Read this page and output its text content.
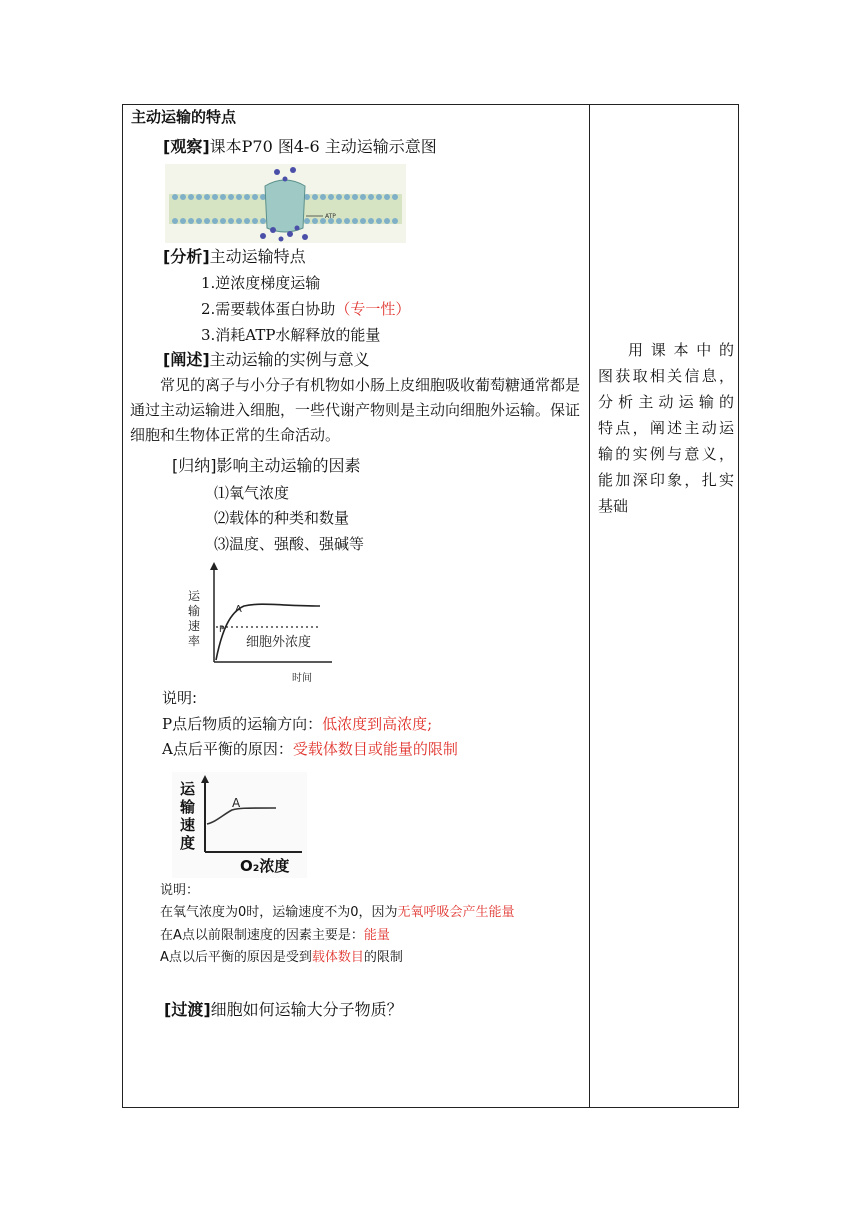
主动运输的特点
[观察]课本P70 图4-6 主动运输示意图
ATP
[分析]主动运输特点
1.逆浓度梯度运输
2.需要载体蛋白协助（专一性）
3.消耗ATP水解释放的能量
[阐述]主动运输的实例与意义
常见的离子与小分子有机物如小肠上皮细胞吸收葡萄糖通常都是通过主动运输进入细胞，一些代谢产物则是主动向细胞外运输。保证细胞和生物体正常的生命活动。
[归纳]影响主动运输的因素
⑴氧气浓度
⑵载体的种类和数量
⑶温度、强酸、强碱等
运
输
速
率
A
P
细胞外浓度
时间
说明:
P点后物质的运输方向：低浓度到高浓度;
A点后平衡的原因：受载体数目或能量的限制
运
输
速
度
A
O₂浓度
说明：
在氧气浓度为0时，运输速度不为0，因为无氧呼吸会产生能量
在A点以前限制速度的因素主要是：能量
A点以后平衡的原因是受到载体数目的限制
[过渡]细胞如何运输大分子物质？
用课本中的
图获取相关信息，
分析主动运输的
特点，阐述主动运
输的实例与意义，
能加深印象，扎实
基础
